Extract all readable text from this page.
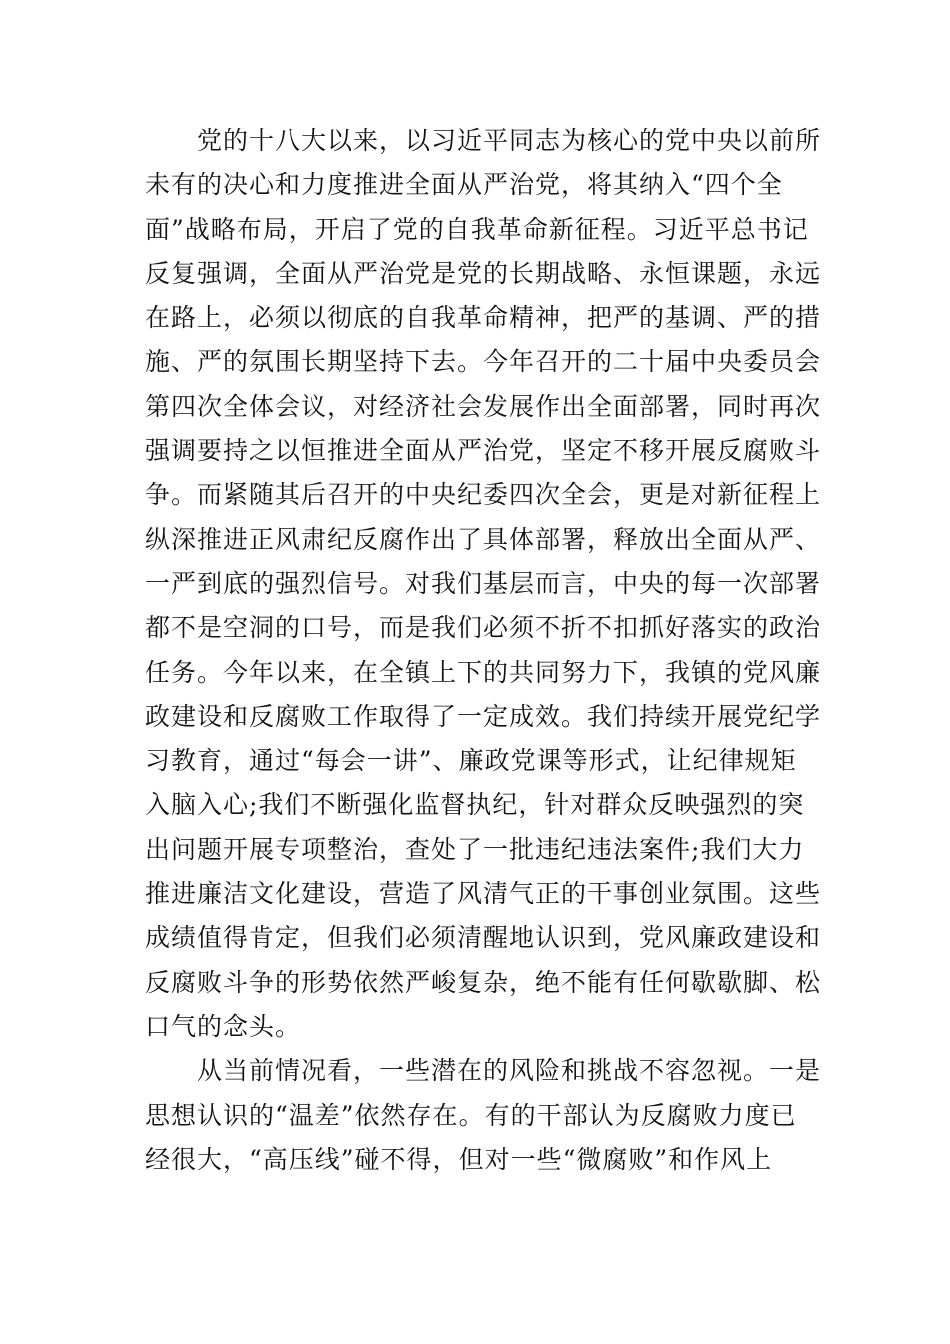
党的十八大以来，以习近平同志为核心的党中央以前所
未有的决心和力度推进全面从严治党，将其纳入“四个全
面”战略布局，开启了党的自我革命新征程。习近平总书记
反复强调，全面从严治党是党的长期战略、永恒课题，永远
在路上，必须以彻底的自我革命精神，把严的基调、严的措
施、严的氛围长期坚持下去。今年召开的二十届中央委员会
第四次全体会议，对经济社会发展作出全面部署，同时再次
强调要持之以恒推进全面从严治党，坚定不移开展反腐败斗
争。而紧随其后召开的中央纪委四次全会，更是对新征程上
纵深推进正风肃纪反腐作出了具体部署，释放出全面从严、
一严到底的强烈信号。对我们基层而言，中央的每一次部署
都不是空洞的口号，而是我们必须不折不扣抓好落实的政治
任务。今年以来，在全镇上下的共同努力下，我镇的党风廉
政建设和反腐败工作取得了一定成效。我们持续开展党纪学
习教育，通过“每会一讲”、廉政党课等形式，让纪律规矩
入脑入心;我们不断强化监督执纪，针对群众反映强烈的突
出问题开展专项整治，查处了一批违纪违法案件;我们大力
推进廉洁文化建设，营造了风清气正的干事创业氛围。这些
成绩值得肯定，但我们必须清醒地认识到，党风廉政建设和
反腐败斗争的形势依然严峻复杂，绝不能有任何歇歇脚、松
口气的念头。
从当前情况看，一些潜在的风险和挑战不容忽视。一是
思想认识的“温差”依然存在。有的干部认为反腐败力度已
经很大，“高压线”碰不得，但对一些“微腐败”和作风上
